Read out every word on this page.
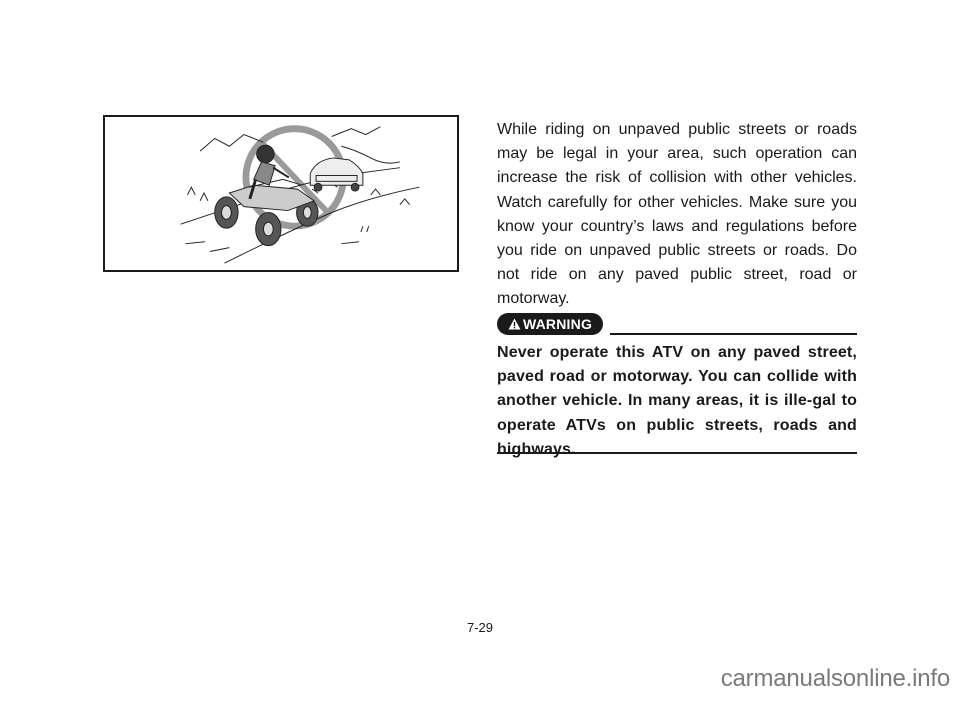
While riding on unpaved public streets or roads may be legal in your area, such operation can increase the risk of collision with other vehicles. Watch carefully for other vehicles. Make sure you know your country’s laws and regulations before you ride on unpaved public streets or roads. Do not ride on any paved public street, road or motorway.

WARNING

Never operate this ATV on any paved street, paved road or motorway. You can collide with another vehicle. In many areas, it is ille-gal to operate ATVs on public streets, roads and highways.

7-29
carmanualsonline.info
